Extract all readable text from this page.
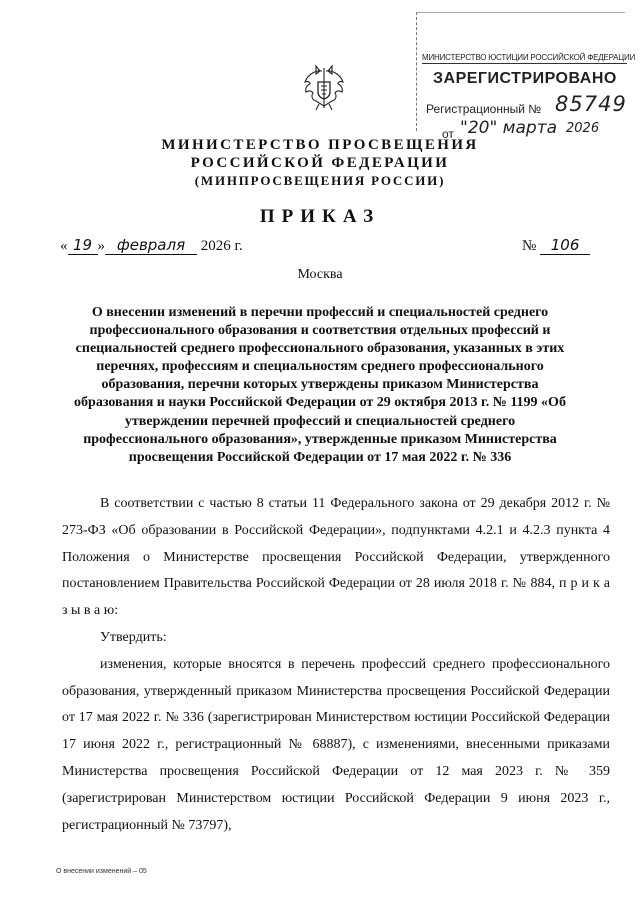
МИНИСТЕРСТВО ЮСТИЦИИ РОССИЙСКОЙ ФЕДЕРАЦИИ
ЗАРЕГИСТРИРОВАНО
Регистрационный № 85749
от "20" марта 2026
МИНИСТЕРСТВО ПРОСВЕЩЕНИЯ РОССИЙСКОЙ ФЕДЕРАЦИИ
(МИНПРОСВЕЩЕНИЯ РОССИИ)
ПРИКАЗ
« 19 » февраля 2026 г.	№ 106
Москва
О внесении изменений в перечни профессий и специальностей среднего профессионального образования и соответствия отдельных профессий и специальностей среднего профессионального образования, указанных в этих перечнях, профессиям и специальностям среднего профессионального образования, перечни которых утверждены приказом Министерства образования и науки Российской Федерации от 29 октября 2013 г. № 1199 «Об утверждении перечней профессий и специальностей среднего профессионального образования», утвержденные приказом Министерства просвещения Российской Федерации от 17 мая 2022 г. № 336

В соответствии с частью 8 статьи 11 Федерального закона от 29 декабря 2012 г. № 273-ФЗ «Об образовании в Российской Федерации», подпунктами 4.2.1 и 4.2.3 пункта 4 Положения о Министерстве просвещения Российской Федерации, утвержденного постановлением Правительства Российской Федерации от 28 июля 2018 г. № 884, п р и к а з ы в а ю:

Утвердить:

изменения, которые вносятся в перечень профессий среднего профессионального образования, утвержденный приказом Министерства просвещения Российской Федерации от 17 мая 2022 г. № 336 (зарегистрирован Министерством юстиции Российской Федерации 17 июня 2022 г., регистрационный № 68887), с изменениями, внесенными приказами Министерства просвещения Российской Федерации от 12 мая 2023 г. № 359 (зарегистрирован Министерством юстиции Российской Федерации 9 июня 2023 г., регистрационный № 73797),

О внесении изменений – 05
